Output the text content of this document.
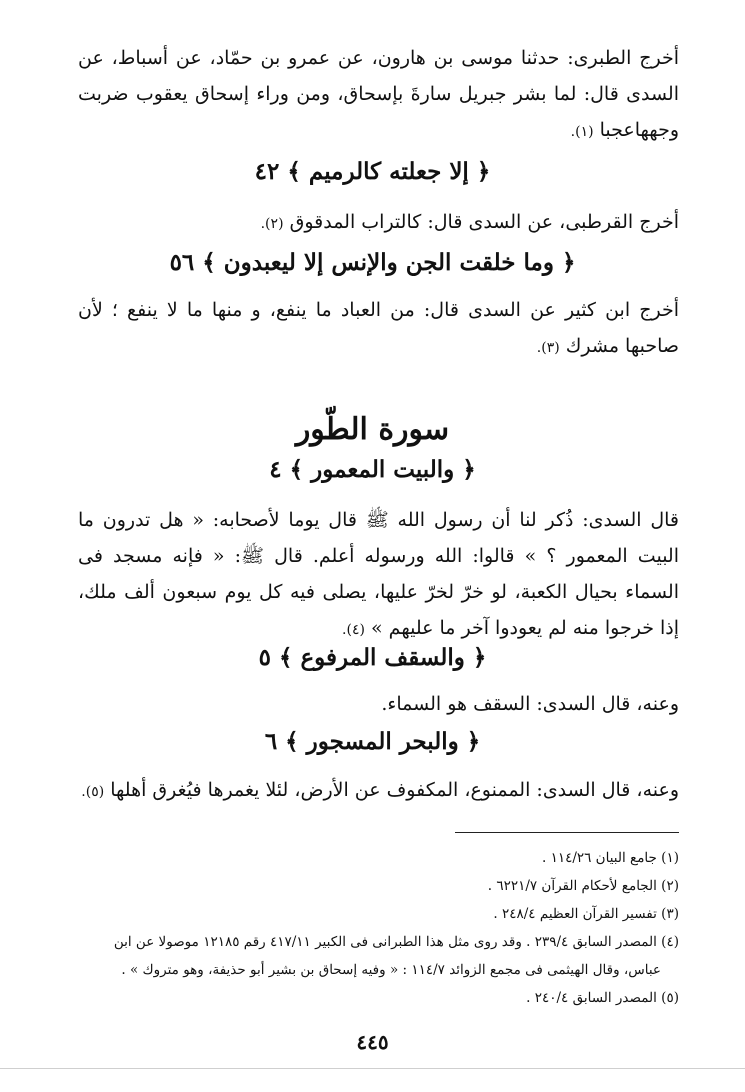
أخرج الطبرى: حدثنا موسى بن هارون، عن عمرو بن حمّاد، عن أسباط، عن السدى قال: لما بشر جبريل سارةَ بإسحاق، ومن وراء إسحاق يعقوب ضربت وجههاعجبا (١).

﴿ إلا جعلته كالرميم ﴾ ٤٢

أخرج القرطبى، عن السدى قال: كالتراب المدقوق (٢).

﴿ وما خلقت الجن والإنس إلا ليعبدون ﴾ ٥٦

أخرج ابن كثير عن السدى قال: من العباد ما ينفع، و منها ما لا ينفع ؛ لأن صاحبها مشرك (٣).

سورة الطّور
﴿ والبيت المعمور ﴾ ٤

قال السدى: ذُكر لنا أن رسول الله ﷺ قال يوما لأصحابه: « هل تدرون ما البيت المعمور ؟ » قالوا: الله ورسوله أعلم. قال ﷺ: « فإنه مسجد فى السماء بحيال الكعبة، لو خرّ لخرّ عليها، يصلى فيه كل يوم سبعون ألف ملك، إذا خرجوا منه لم يعودوا آخر ما عليهم » (٤).

﴿ والسقف المرفوع ﴾ ٥

وعنه، قال السدى: السقف هو السماء.

﴿ والبحر المسجور ﴾ ٦

وعنه، قال السدى: الممنوع، المكفوف عن الأرض، لئلا يغمرها فيُغرق أهلها (٥).

(١) جامع البيان ١١٤/٢٦ .
(٢) الجامع لأحكام القرآن ٦٢٢١/٧ .
(٣) تفسير القرآن العظيم ٢٤٨/٤ .
(٤) المصدر السابق ٢٣٩/٤ . وقد روى مثل هذا الطبرانى فى الكبير ٤١٧/١١ رقم ١٢١٨٥ موصولا عن ابن
عباس، وقال الهيثمى فى مجمع الزوائد ١١٤/٧ : « وفيه إسحاق بن بشير أبو حذيفة، وهو متروك » .
(٥) المصدر السابق ٢٤٠/٤ .
٤٤٥
